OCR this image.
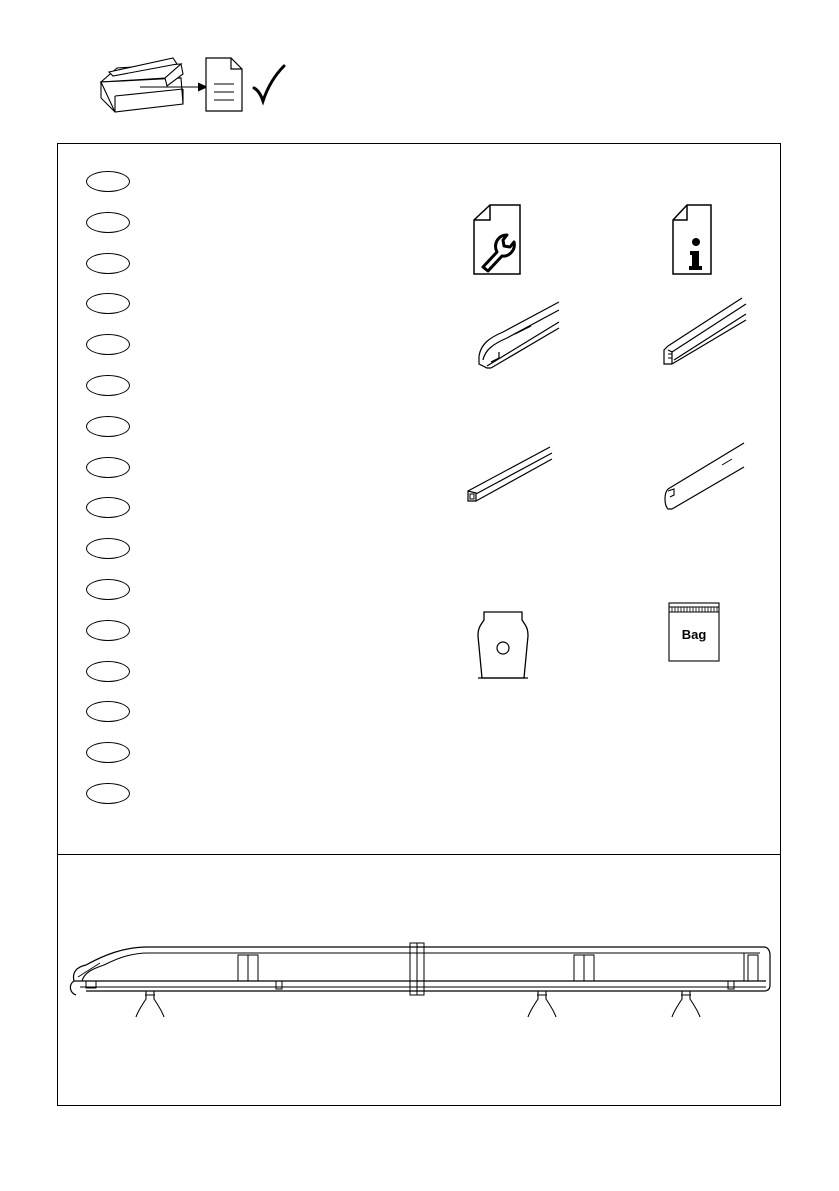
Bag
